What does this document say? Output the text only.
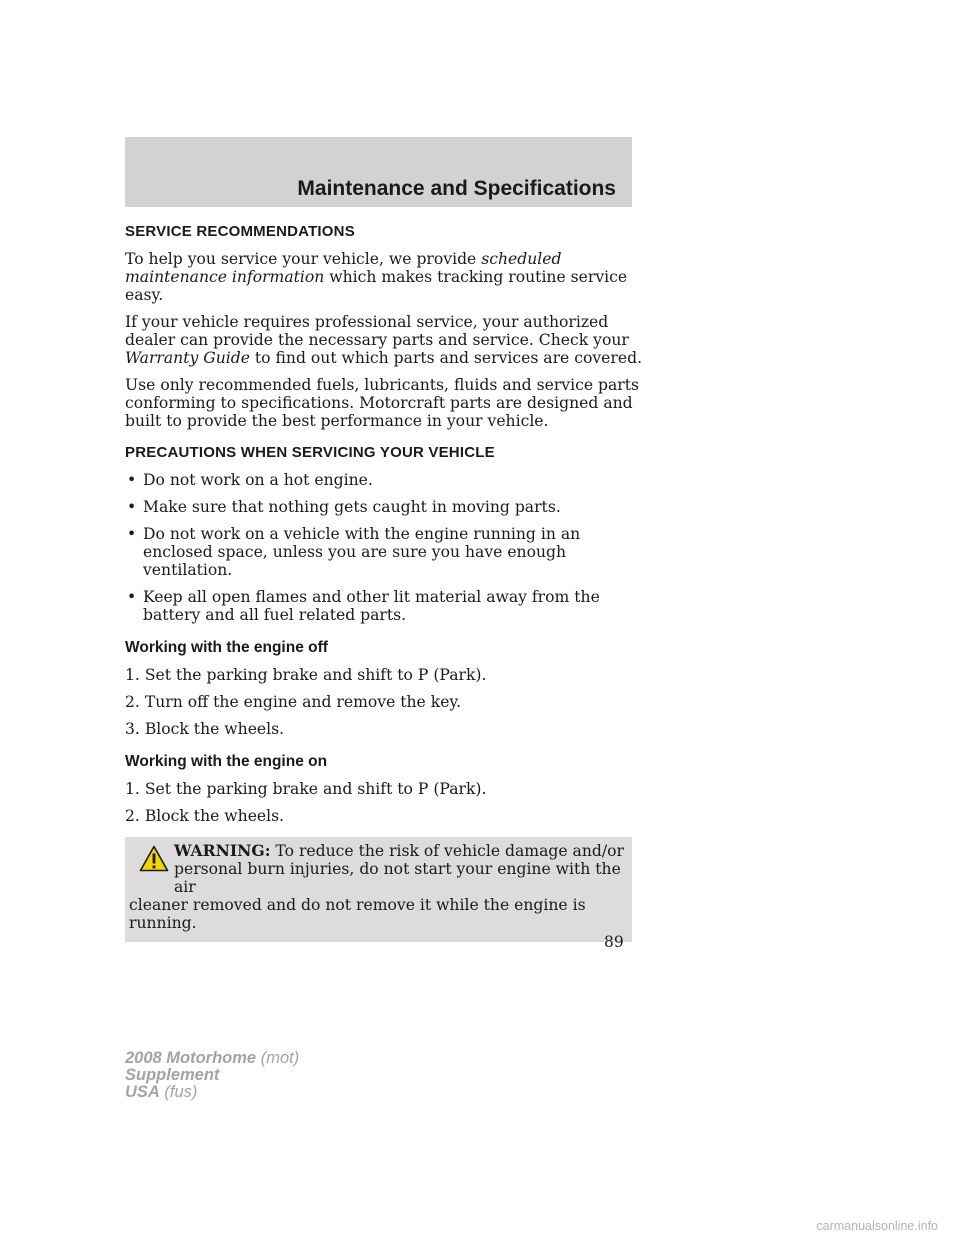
Maintenance and Specifications
SERVICE RECOMMENDATIONS

To help you service your vehicle, we provide scheduled maintenance information which makes tracking routine service easy.

If your vehicle requires professional service, your authorized dealer can provide the necessary parts and service. Check your Warranty Guide to find out which parts and services are covered.

Use only recommended fuels, lubricants, fluids and service parts conforming to specifications. Motorcraft parts are designed and built to provide the best performance in your vehicle.

PRECAUTIONS WHEN SERVICING YOUR VEHICLE
• Do not work on a hot engine.
• Make sure that nothing gets caught in moving parts.
• Do not work on a vehicle with the engine running in an enclosed space, unless you are sure you have enough ventilation.
• Keep all open flames and other lit material away from the battery and all fuel related parts.
Working with the engine off
1. Set the parking brake and shift to P (Park).
2. Turn off the engine and remove the key.
3. Block the wheels.
Working with the engine on
1. Set the parking brake and shift to P (Park).
2. Block the wheels.
WARNING: To reduce the risk of vehicle damage and/or personal burn injuries, do not start your engine with the air
cleaner removed and do not remove it while the engine is running.
89
2008 Motorhome (mot)
Supplement
USA (fus)
carmanualsonline.info
